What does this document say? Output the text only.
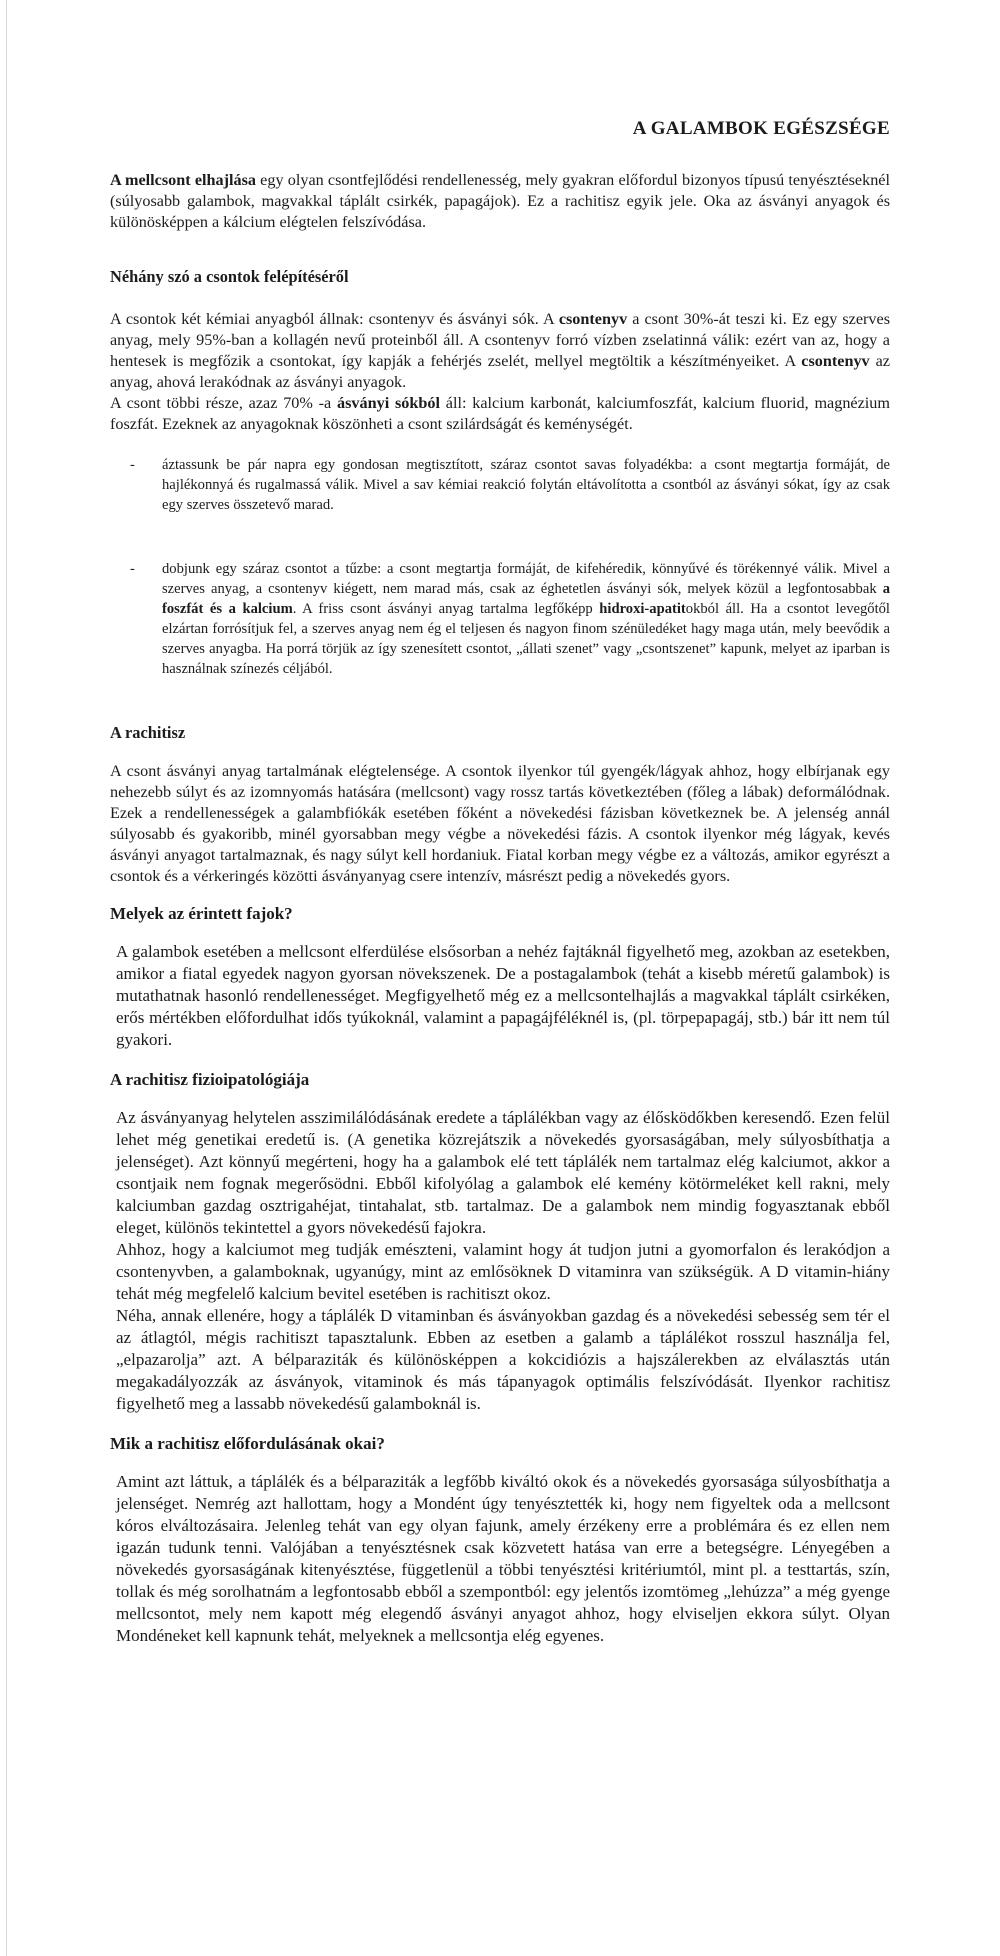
A GALAMBOK EGÉSZSÉGE

A mellcsont elhajlása egy olyan csontfejlődési rendellenesség, mely gyakran előfordul bizonyos típusú tenyésztéseknél (súlyosabb galambok, magvakkal táplált csirkék, papagájok). Ez a rachitisz egyik jele. Oka az ásványi anyagok és különösképpen a kálcium elégtelen felszívódása.

Néhány szó a csontok felépítéséről

A csontok két kémiai anyagból állnak: csontenyv és ásványi sók. A csontenyv a csont 30%-át teszi ki. Ez egy szerves anyag, mely 95%-ban a kollagén nevű proteinből áll. A csontenyv forró vízben zselatinná válik: ezért van az, hogy a hentesek is megfőzik a csontokat, így kapják a fehérjés zselét, mellyel megtöltik a készítményeiket. A csontenyv az anyag, ahová lerakódnak az ásványi anyagok.

A csont többi része, azaz 70% -a ásványi sókból áll: kalcium karbonát, kalciumfoszfát, kalcium fluorid, magnézium foszfát. Ezeknek az anyagoknak köszönheti a csont szilárdságát és keménységét.

-	áztassunk be pár napra egy gondosan megtisztított, száraz csontot savas folyadékba: a csont megtartja formáját, de hajlékonnyá és rugalmassá válik. Mivel a sav kémiai reakció folytán eltávolította a csontból az ásványi sókat, így az csak egy szerves összetevő marad.

-	dobjunk egy száraz csontot a tűzbe: a csont megtartja formáját, de kifehéredik, könnyűvé és törékennyé válik. Mivel a szerves anyag, a csontenyv kiégett, nem marad más, csak az éghetetlen ásványi sók, melyek közül a legfontosabbak a foszfát és a kalcium. A friss csont ásványi anyag tartalma legfőképp hidroxi-apatitokból áll. Ha a csontot levegőtől elzártan forrósítjuk fel, a szerves anyag nem ég el teljesen és nagyon finom szénüledéket hagy maga után, mely beevődik a szerves anyagba. Ha porrá törjük az így szenesített csontot, „állati szenet” vagy „csontszenet” kapunk, melyet az iparban is használnak színezés céljából.

A rachitisz

A csont ásványi anyag tartalmának elégtelensége. A csontok ilyenkor túl gyengék/lágyak ahhoz, hogy elbírjanak egy nehezebb súlyt és az izomnyomás hatására (mellcsont) vagy rossz tartás következtében (főleg a lábak) deformálódnak. Ezek a rendellenességek a galambfiókák esetében főként a növekedési fázisban következnek be. A jelenség annál súlyosabb és gyakoribb, minél gyorsabban megy végbe a növekedési fázis. A csontok ilyenkor még lágyak, kevés ásványi anyagot tartalmaznak, és nagy súlyt kell hordaniuk. Fiatal korban megy végbe ez a változás, amikor egyrészt a csontok és a vérkeringés közötti ásványanyag csere intenzív, másrészt pedig a növekedés gyors.

Melyek az érintett fajok?

A galambok esetében a mellcsont elferdülése elsősorban a nehéz fajtáknál figyelhető meg, azokban az esetekben, amikor a fiatal egyedek nagyon gyorsan növekszenek. De a postagalambok (tehát a kisebb méretű galambok) is mutathatnak hasonló rendellenességet. Megfigyelhető még ez a mellcsontelhajlás a magvakkal táplált csirkéken, erős mértékben előfordulhat idős tyúkoknál, valamint a papagájféléknél is, (pl. törpepapagáj, stb.) bár itt nem túl gyakori.

A rachitisz fizioipatológiája

Az ásványanyag helytelen asszimilálódásának eredete a táplálékban vagy az élősködőkben keresendő. Ezen felül lehet még genetikai eredetű is. (A genetika közrejátszik a növekedés gyorsaságában, mely súlyosbíthatja a jelenséget). Azt könnyű megérteni, hogy ha a galambok elé tett táplálék nem tartalmaz elég kalciumot, akkor a csontjaik nem fognak megerősödni. Ebből kifolyólag a galambok elé kemény kötörmeléket kell rakni, mely kalciumban gazdag osztrigahéjat, tintahalat, stb. tartalmaz. De a galambok nem mindig fogyasztanak ebből eleget, különös tekintettel a gyors növekedésű fajokra.

Ahhoz, hogy a kalciumot meg tudják emészteni, valamint hogy át tudjon jutni a gyomorfalon és lerakódjon a csontenyvben, a galamboknak, ugyanúgy, mint az emlősöknek D vitaminra van szükségük. A D vitamin-hiány tehát még megfelelő kalcium bevitel esetében is rachitiszt okoz.

Néha, annak ellenére, hogy a táplálék D vitaminban és ásványokban gazdag és a növekedési sebesség sem tér el az átlagtól, mégis rachitiszt tapasztalunk. Ebben az esetben a galamb a táplálékot rosszul használja fel, „elpazarolja” azt. A bélparaziták és különösképpen a kokcidiózis a hajszálerekben az elválasztás után megakadályozzák az ásványok, vitaminok és más tápanyagok optimális felszívódását. Ilyenkor rachitisz figyelhető meg a lassabb növekedésű galamboknál is.

Mik a rachitisz előfordulásának okai?

Amint azt láttuk, a táplálék és a bélparaziták a legfőbb kiváltó okok és a növekedés gyorsasága súlyosbíthatja a jelenséget. Nemrég azt hallottam, hogy a Mondént úgy tenyésztették ki, hogy nem figyeltek oda a mellcsont kóros elváltozásaira. Jelenleg tehát van egy olyan fajunk, amely érzékeny erre a problémára és ez ellen nem igazán tudunk tenni. Valójában a tenyésztésnek csak közvetett hatása van erre a betegségre. Lényegében a növekedés gyorsaságának kitenyésztése, függetlenül a többi tenyésztési kritériumtól, mint pl. a testtartás, szín, tollak és még sorolhatnám a legfontosabb ebből a szempontból: egy jelentős izomtömeg „lehúzza” a még gyenge mellcsontot, mely nem kapott még elegendő ásványi anyagot ahhoz, hogy elviseljen ekkora súlyt. Olyan Mondéneket kell kapnunk tehát, melyeknek a mellcsontja elég egyenes.
